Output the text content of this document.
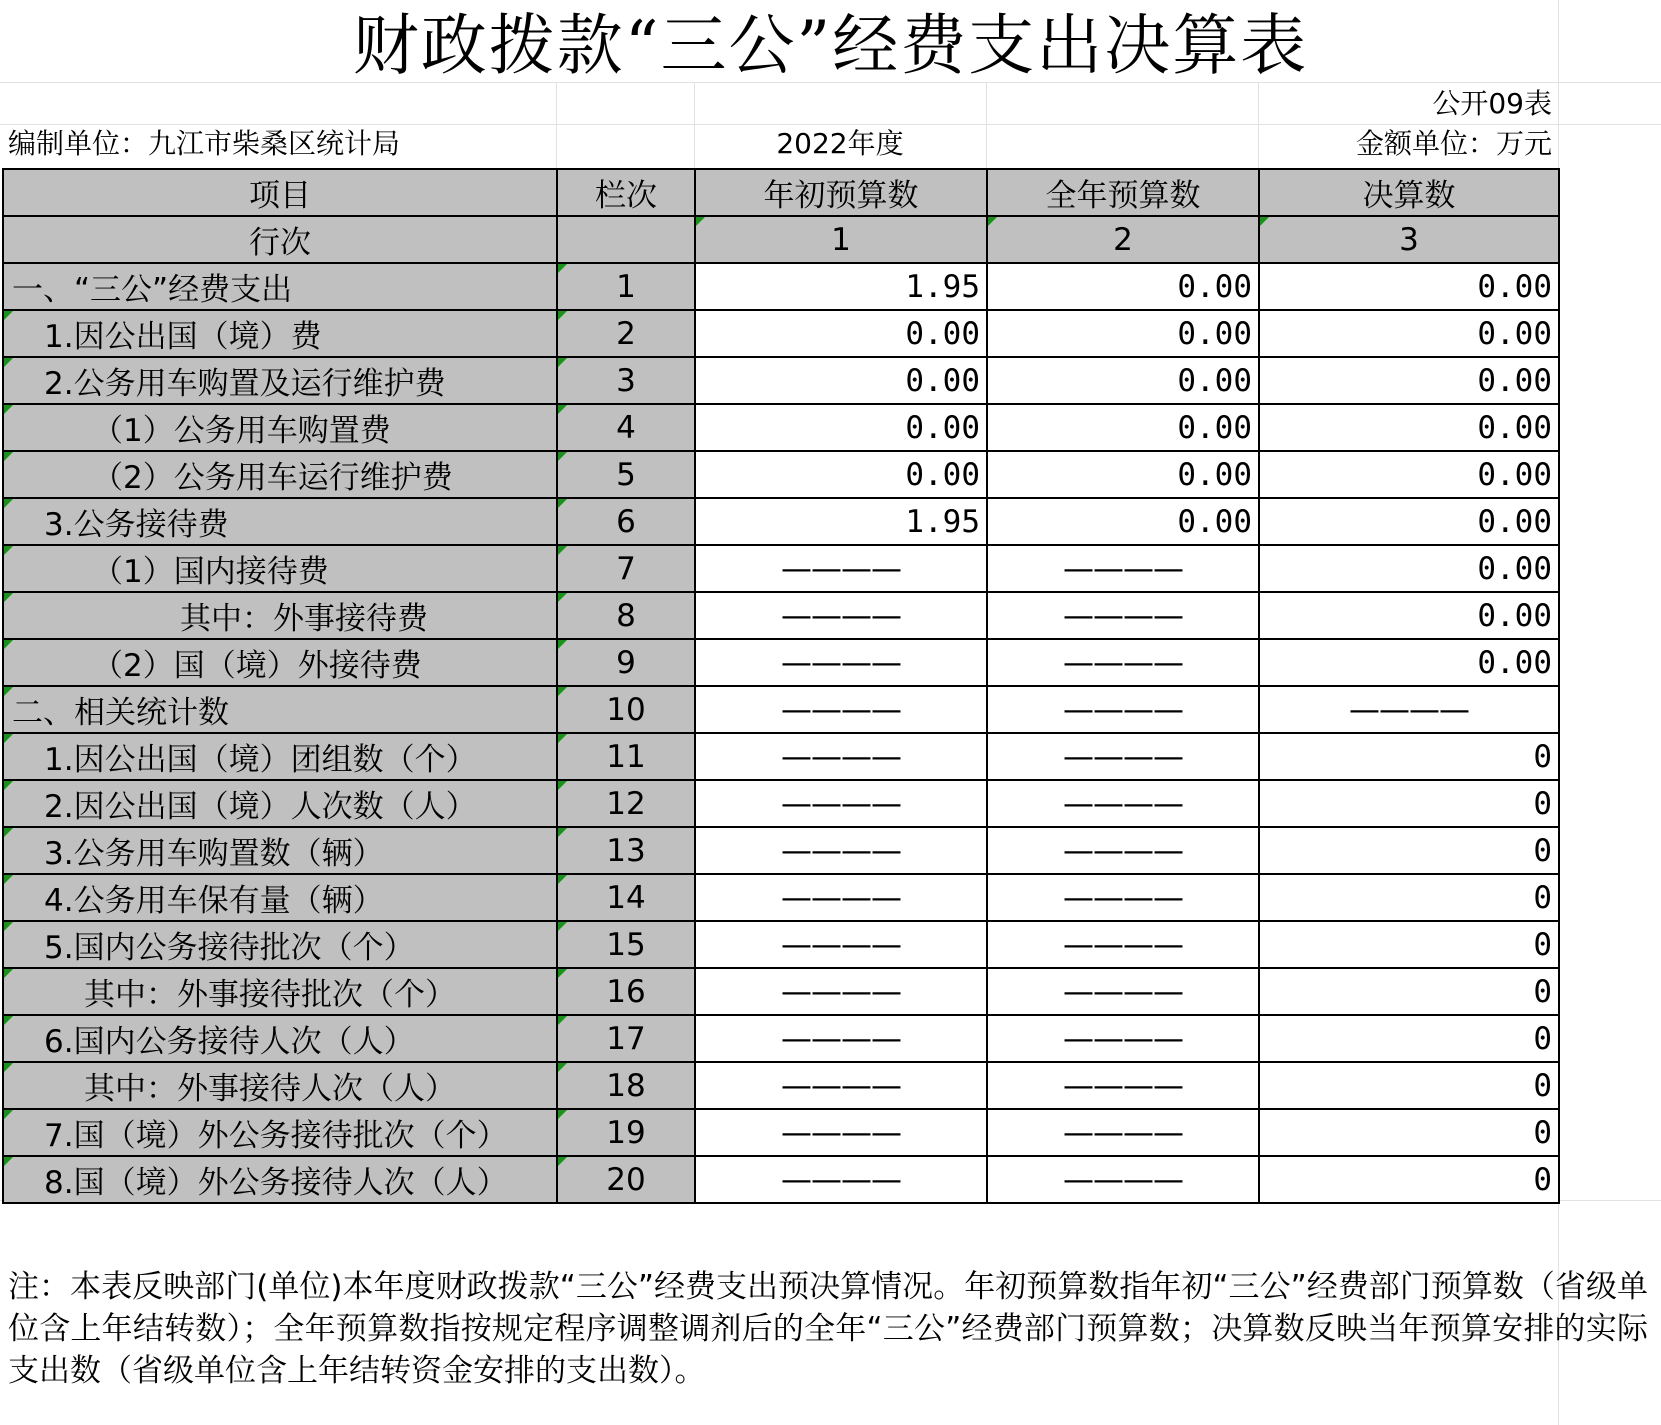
财政拨款“三公”经费支出决算表
公开09表
编制单位：九江市柴桑区统计局	2022年度	金额单位：万元
项目	栏次	年初预算数	全年预算数	决算数
行次		1	2	3
一、“三公”经费支出	1	1.95	0.00	0.00
1.因公出国（境）费	2	0.00	0.00	0.00
2.公务用车购置及运行维护费	3	0.00	0.00	0.00
（1）公务用车购置费	4	0.00	0.00	0.00
（2）公务用车运行维护费	5	0.00	0.00	0.00
3.公务接待费	6	1.95	0.00	0.00
（1）国内接待费	7	————	————	0.00
其中：外事接待费	8	————	————	0.00
（2）国（境）外接待费	9	————	————	0.00
二、相关统计数	10	————	————	————
1.因公出国（境）团组数（个）	11	————	————	0
2.因公出国（境）人次数（人）	12	————	————	0
3.公务用车购置数（辆）	13	————	————	0
4.公务用车保有量（辆）	14	————	————	0
5.国内公务接待批次（个）	15	————	————	0
其中：外事接待批次（个）	16	————	————	0
6.国内公务接待人次（人）	17	————	————	0
其中：外事接待人次（人）	18	————	————	0
7.国（境）外公务接待批次（个）	19	————	————	0
8.国（境）外公务接待人次（人）	20	————	————	0
注：本表反映部门(单位)本年度财政拨款“三公”经费支出预决算情况。年初预算数指年初“三公”经费部门预算数（省级单位含上年结转数）；全年预算数指按规定程序调整调剂后的全年“三公”经费部门预算数；决算数反映当年预算安排的实际支出数（省级单位含上年结转资金安排的支出数）。
